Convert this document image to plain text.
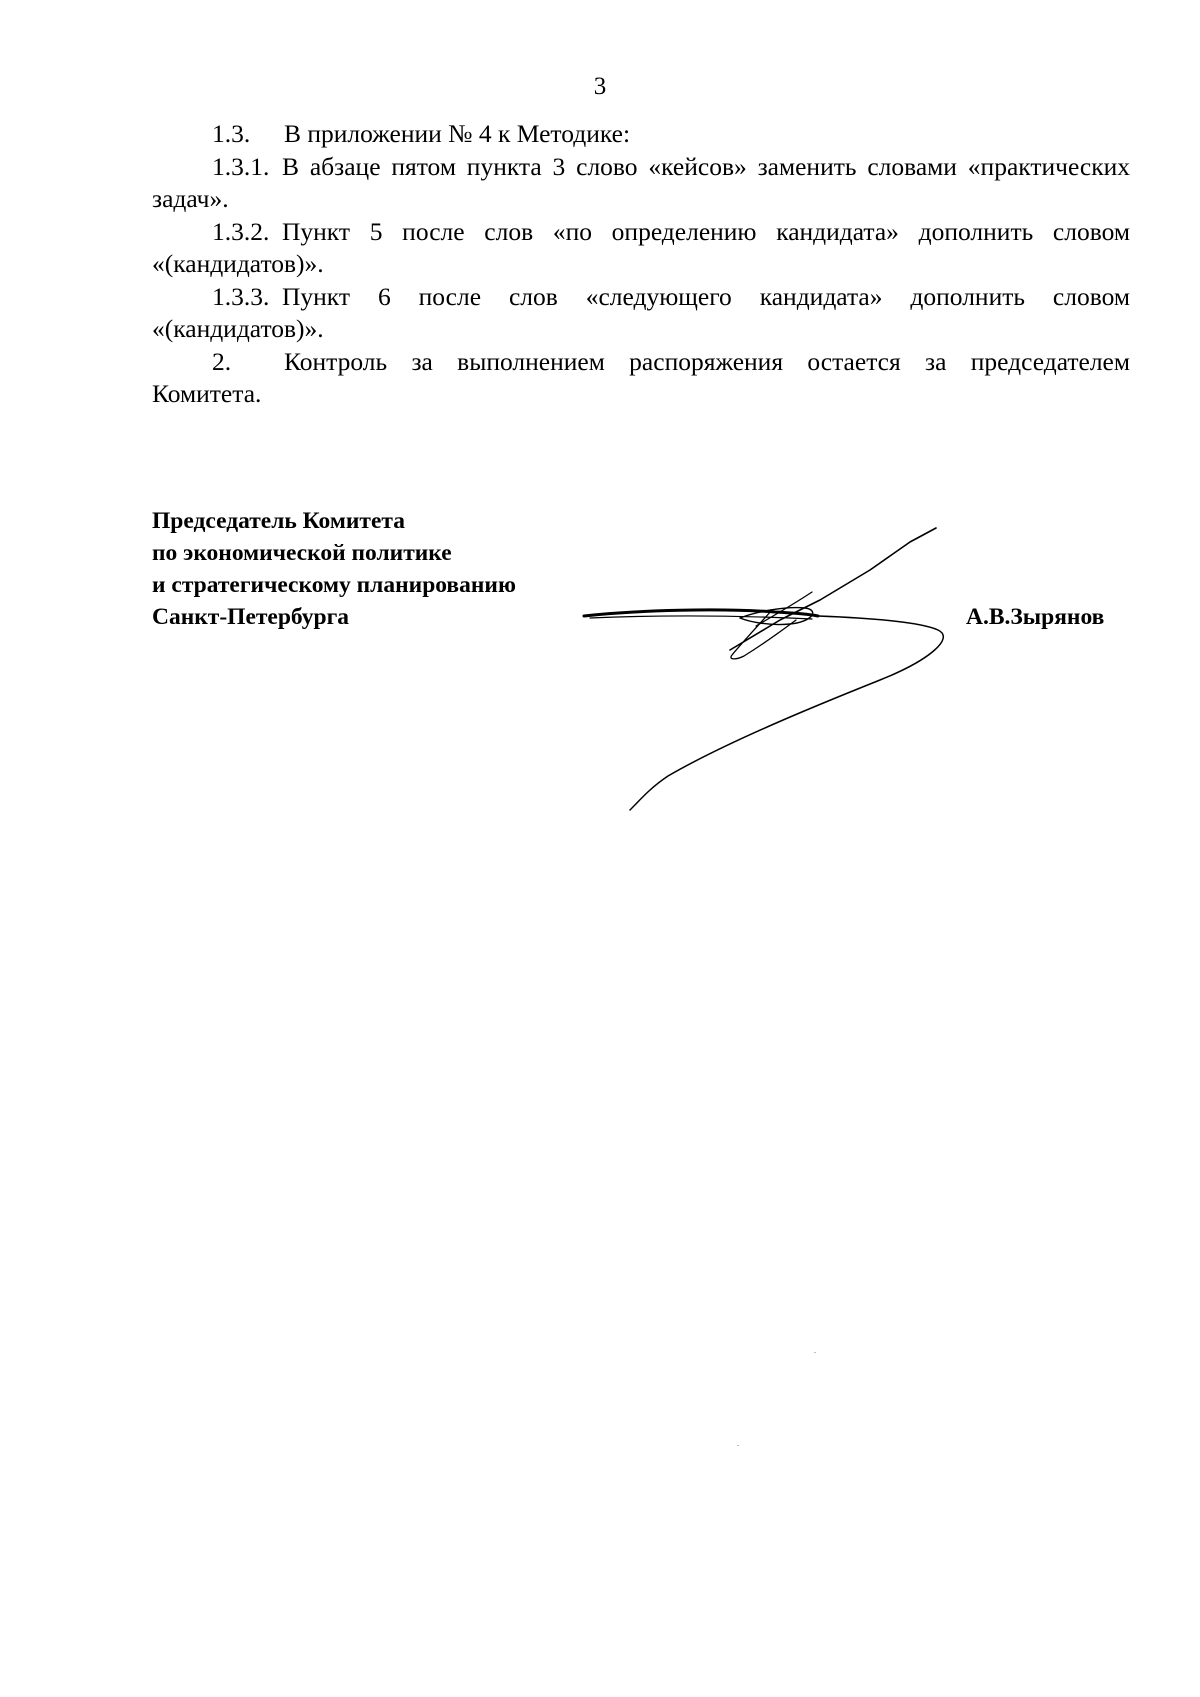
3

1.3. В приложении № 4 к Методике:

1.3.1. В абзаце пятом пункта 3 слово «кейсов» заменить словами «практических задач».

1.3.2. Пункт 5 после слов «по определению кандидата» дополнить словом «(кандидатов)».

1.3.3. Пункт 6 после слов «следующего кандидата» дополнить словом «(кандидатов)».

2. Контроль за выполнением распоряжения остается за председателем Комитета.

Председатель Комитета
по экономической политике
и стратегическому планированию
Санкт-Петербурга	А.В.Зырянов
